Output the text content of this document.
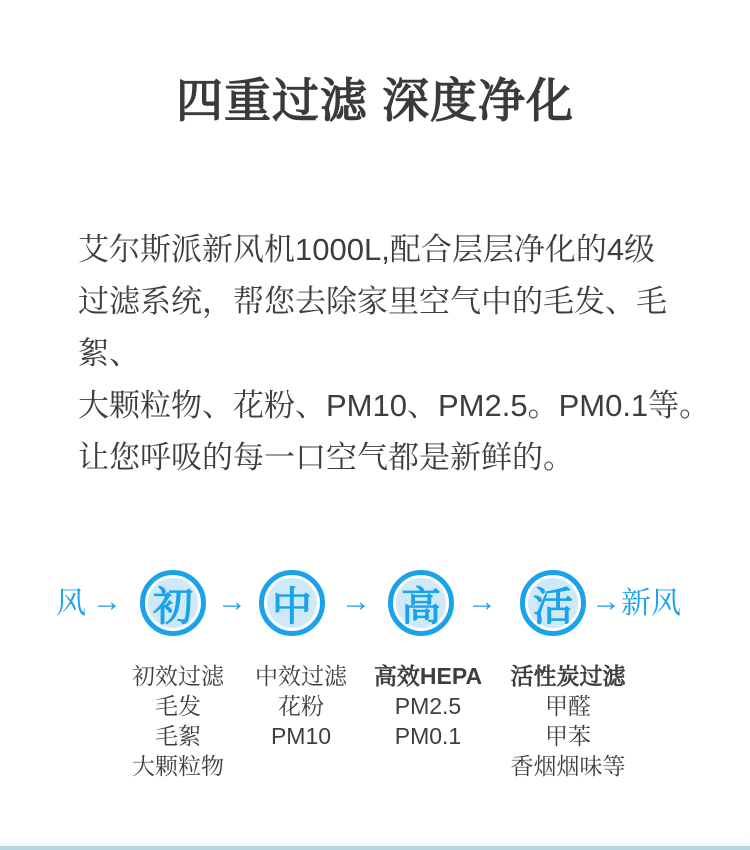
四重过滤 深度净化
艾尔斯派新风机1000L,配合层层净化的4级
过滤系统，帮您去除家里空气中的毛发、毛絮、
大颗粒物、花粉、PM10、PM2.5。PM0.1等。
让您呼吸的每一口空气都是新鲜的。
风 → 初 → 中 → 高 → 活 → 新风
初效过滤
毛发
毛絮
大颗粒物
中效过滤
花粉
PM10
高效HEPA
PM2.5
PM0.1
活性炭过滤
甲醛
甲苯
香烟烟味等
